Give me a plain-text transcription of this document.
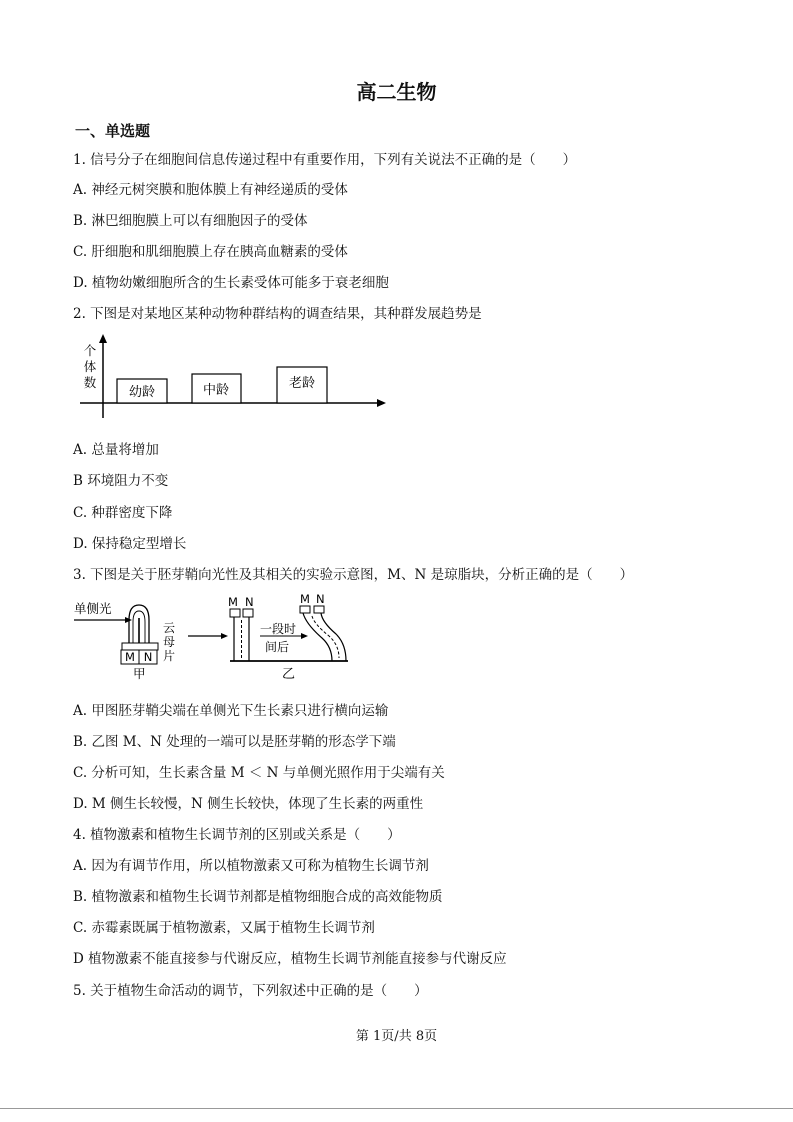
高二生物
一、单选题
1. 信号分子在细胞间信息传递过程中有重要作用，下列有关说法不正确的是（　　）
A. 神经元树突膜和胞体膜上有神经递质的受体
B. 淋巴细胞膜上可以有细胞因子的受体
C. 肝细胞和肌细胞膜上存在胰高血糖素的受体
D. 植物幼嫩细胞所含的生长素受体可能多于衰老细胞
2. 下图是对某地区某种动物种群结构的调查结果，其种群发展趋势是
个
体
数
幼龄	中龄	老龄
A. 总量将增加
B 环境阻力不变
C. 种群密度下降
D. 保持稳定型增长
3. 下图是关于胚芽鞘向光性及其相关的实验示意图，M、N 是琼脂块，分析正确的是（　　）
单侧光
云
母
片
M N
甲
M N
一段时
间后
M N
乙
A. 甲图胚芽鞘尖端在单侧光下生长素只进行横向运输
B. 乙图 M、N 处理的一端可以是胚芽鞘的形态学下端
C. 分析可知，生长素含量 M ＜ N 与单侧光照作用于尖端有关
D. M 侧生长较慢，N 侧生长较快，体现了生长素的两重性
4. 植物激素和植物生长调节剂的区别或关系是（　　）
A. 因为有调节作用，所以植物激素又可称为植物生长调节剂
B. 植物激素和植物生长调节剂都是植物细胞合成的高效能物质
C. 赤霉素既属于植物激素，又属于植物生长调节剂
D 植物激素不能直接参与代谢反应，植物生长调节剂能直接参与代谢反应
5. 关于植物生命活动的调节，下列叙述中正确的是（　　）
第 1页/共 8页
